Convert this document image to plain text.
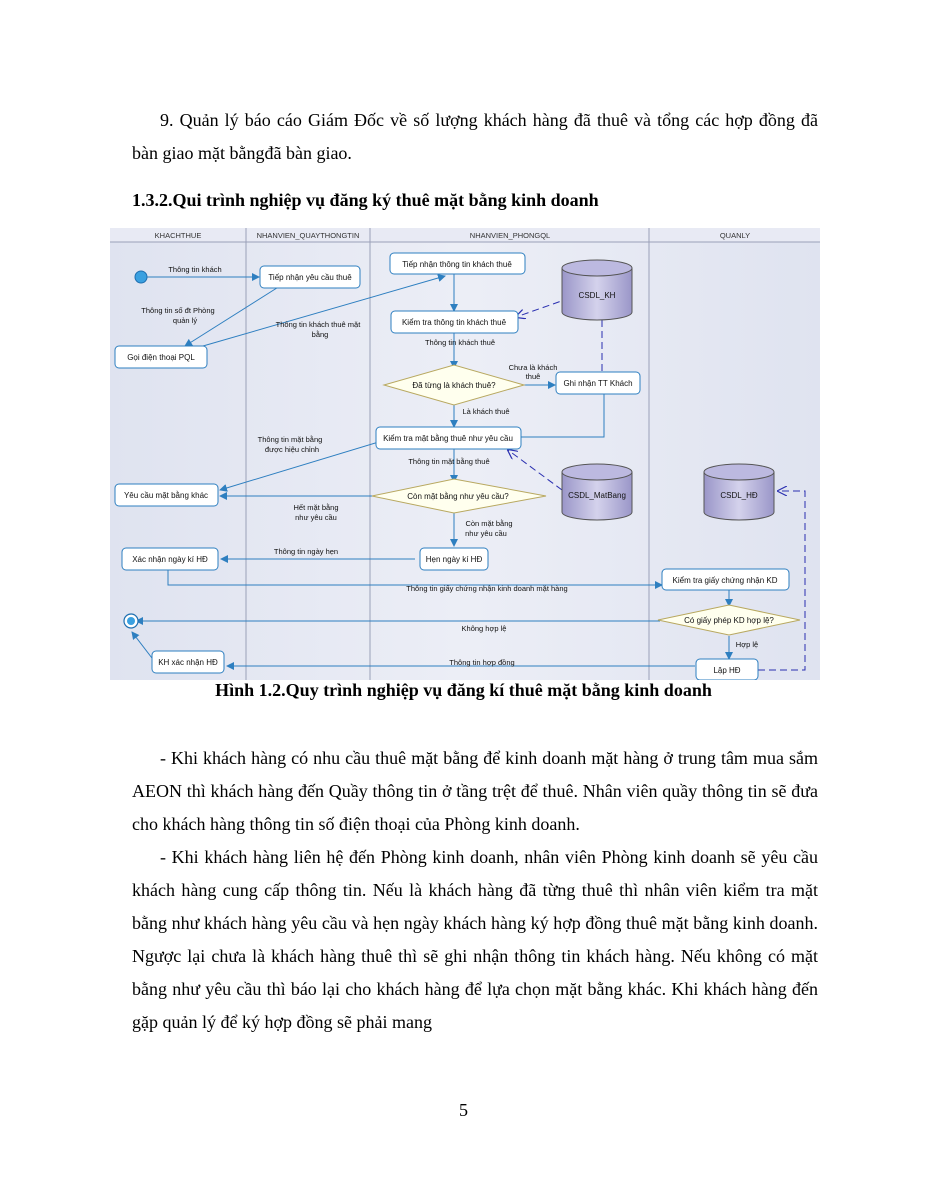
9. Quản lý báo cáo Giám Đốc về số lượng khách hàng đã thuê và tổng các hợp đồng đã bàn giao mặt bằngđã bàn giao.
1.3.2.Qui trình nghiệp vụ đăng ký thuê mặt bằng kinh doanh
KHACHTHUE	NHANVIEN_QUAYTHONGTIN	NHANVIEN_PHONGQL	QUANLY
Tiếp nhận yêu cầu thuê
Gọi điện thoại PQL
Tiếp nhận thông tin khách thuê
Kiểm tra thông tin khách thuê
Ghi nhận TT Khách
Kiểm tra mặt bằng thuê như yêu cầu
Yêu cầu mặt bằng khác
Hẹn ngày kí HĐ
Xác nhận ngày kí HĐ
Kiểm tra giấy chứng nhận KD
KH xác nhận HĐ
Lập HĐ
Đã từng là khách thuê?
Còn mặt bằng như yêu cầu?
Có giấy phép KD hợp lệ?
CSDL_KH
CSDL_MatBang	CSDL_HĐ
Thông tin khách
Thông tin số đt Phòng
quản lý	Thông tin khách thuê mặt
bằng
Thông tin khách thuê
Chưa là khách
thuê
Là khách thuê
Thông tin mặt bằng
được hiệu chỉnh
Thông tin mặt bằng thuê
Hết mặt bằng
như yêu cầu
Còn mặt bằng
như yêu cầu
Thông tin ngày hẹn
Thông tin giấy chứng nhận kinh doanh mặt hàng
Không hợp lệ
Hợp lệ
Thông tin hợp đồng
Hình 1.2.Quy trình nghiệp vụ đăng kí thuê mặt bằng kinh doanh

- Khi khách hàng có nhu cầu thuê mặt bằng để kinh doanh mặt hàng ở trung tâm mua sắm AEON thì khách hàng đến Quầy thông tin ở tầng trệt để thuê. Nhân viên quầy thông tin sẽ đưa cho khách hàng thông tin số điện thoại của Phòng kinh doanh.

- Khi khách hàng liên hệ đến Phòng kinh doanh, nhân viên Phòng kinh doanh sẽ yêu cầu khách hàng cung cấp thông tin. Nếu là khách hàng đã từng thuê thì nhân viên kiểm tra mặt bằng như khách hàng yêu cầu và hẹn ngày khách hàng ký hợp đồng thuê mặt bằng kinh doanh. Ngược lại chưa là khách hàng thuê thì sẽ ghi nhận thông tin khách hàng. Nếu không có mặt bằng như yêu cầu thì báo lại cho khách hàng để lựa chọn mặt bằng khác. Khi khách hàng đến gặp quản lý để ký hợp đồng sẽ phải mang

5
